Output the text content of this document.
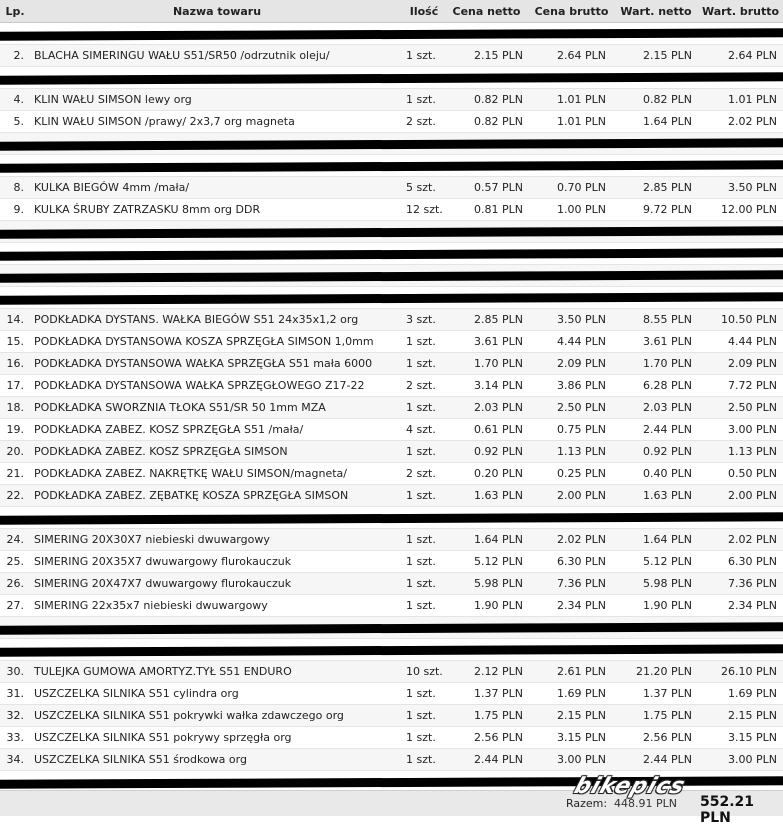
Lp.	Nazwa towaru	Ilość	Cena netto	Cena brutto	Wart. netto	Wart. brutto

2.	BLACHA SIMERINGU WAŁU S51/SR50 /odrzutnik oleju/	1 szt.	2.15 PLN	2.64 PLN	2.15 PLN	2.64 PLN

4.	KLIN WAŁU SIMSON lewy org	1 szt.	0.82 PLN	1.01 PLN	0.82 PLN	1.01 PLN
5.	KLIN WAŁU SIMSON /prawy/ 2x3,7 org magneta	2 szt.	0.82 PLN	1.01 PLN	1.64 PLN	2.02 PLN

8.	KULKA BIEGÓW 4mm /mała/	5 szt.	0.57 PLN	0.70 PLN	2.85 PLN	3.50 PLN
9.	KULKA ŚRUBY ZATRZASKU 8mm org DDR	12 szt.	0.81 PLN	1.00 PLN	9.72 PLN	12.00 PLN

14.	PODKŁADKA DYSTANS. WAŁKA BIEGÓW S51 24x35x1,2 org	3 szt.	2.85 PLN	3.50 PLN	8.55 PLN	10.50 PLN
15.	PODKŁADKA DYSTANSOWA KOSZA SPRZĘGŁA SIMSON 1,0mm	1 szt.	3.61 PLN	4.44 PLN	3.61 PLN	4.44 PLN
16.	PODKŁADKA DYSTANSOWA WAŁKA SPRZĘGŁA S51 mała 6000	1 szt.	1.70 PLN	2.09 PLN	1.70 PLN	2.09 PLN
17.	PODKŁADKA DYSTANSOWA WAŁKA SPRZĘGŁOWEGO Z17-22	2 szt.	3.14 PLN	3.86 PLN	6.28 PLN	7.72 PLN
18.	PODKŁADKA SWORZNIA TŁOKA S51/SR 50 1mm MZA	1 szt.	2.03 PLN	2.50 PLN	2.03 PLN	2.50 PLN
19.	PODKŁADKA ZABEZ. KOSZ SPRZĘGŁA S51 /mała/	4 szt.	0.61 PLN	0.75 PLN	2.44 PLN	3.00 PLN
20.	PODKŁADKA ZABEZ. KOSZ SPRZĘGŁA SIMSON	1 szt.	0.92 PLN	1.13 PLN	0.92 PLN	1.13 PLN
21.	PODKŁADKA ZABEZ. NAKRĘTKĘ WAŁU SIMSON/magneta/	2 szt.	0.20 PLN	0.25 PLN	0.40 PLN	0.50 PLN
22.	PODKŁADKA ZABEZ. ZĘBATKĘ KOSZA SPRZĘGŁA SIMSON	1 szt.	1.63 PLN	2.00 PLN	1.63 PLN	2.00 PLN

24.	SIMERING 20X30X7 niebieski dwuwargowy	1 szt.	1.64 PLN	2.02 PLN	1.64 PLN	2.02 PLN
25.	SIMERING 20X35X7 dwuwargowy flurokauczuk	1 szt.	5.12 PLN	6.30 PLN	5.12 PLN	6.30 PLN
26.	SIMERING 20X47X7 dwuwargowy flurokauczuk	1 szt.	5.98 PLN	7.36 PLN	5.98 PLN	7.36 PLN
27.	SIMERING 22x35x7 niebieski dwuwargowy	1 szt.	1.90 PLN	2.34 PLN	1.90 PLN	2.34 PLN

30.	TULEJKA GUMOWA AMORTYZ.TYŁ S51 ENDURO	10 szt.	2.12 PLN	2.61 PLN	21.20 PLN	26.10 PLN
31.	USZCZELKA SILNIKA S51 cylindra org	1 szt.	1.37 PLN	1.69 PLN	1.37 PLN	1.69 PLN
32.	USZCZELKA SILNIKA S51 pokrywki wałka zdawczego org	1 szt.	1.75 PLN	2.15 PLN	1.75 PLN	2.15 PLN
33.	USZCZELKA SILNIKA S51 pokrywy sprzęgła org	1 szt.	2.56 PLN	3.15 PLN	2.56 PLN	3.15 PLN
34.	USZCZELKA SILNIKA S51 środkowa org	1 szt.	2.44 PLN	3.00 PLN	2.44 PLN	3.00 PLN

Razem: 448.91 PLN 552.21 PLN
bikepics
